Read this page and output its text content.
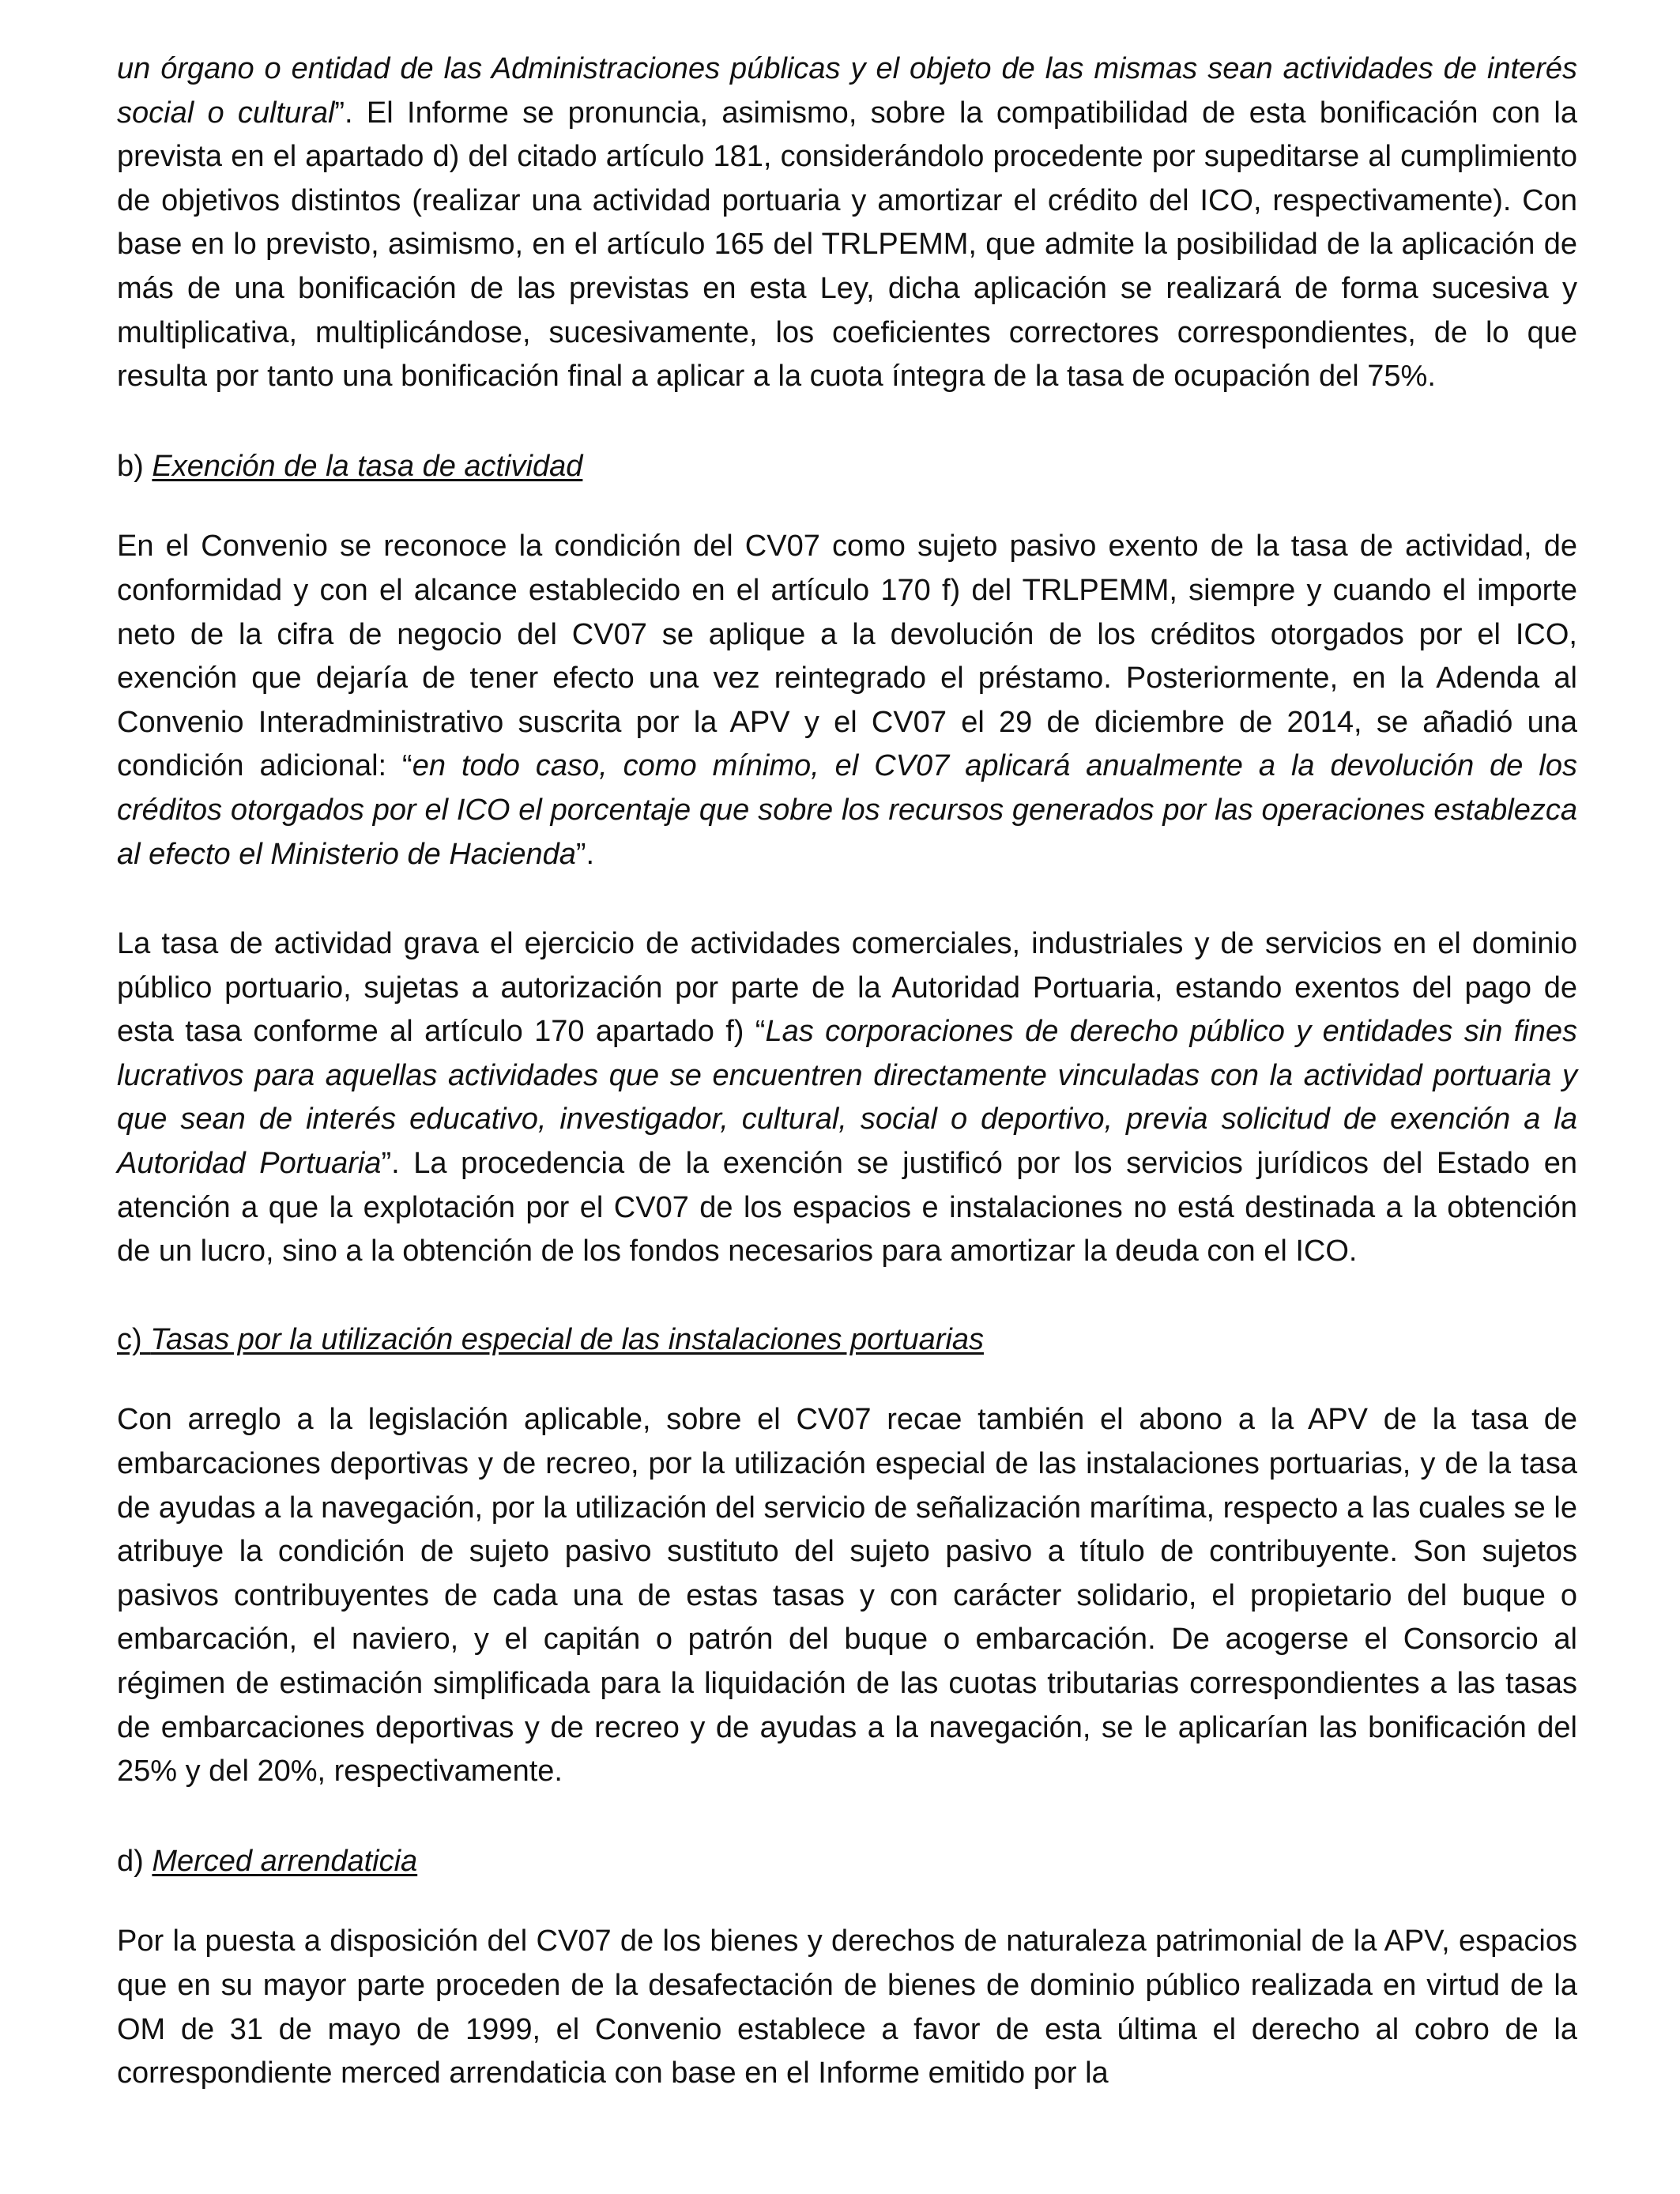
un órgano o entidad de las Administraciones públicas y el objeto de las mismas sean actividades de interés social o cultural”. El Informe se pronuncia, asimismo, sobre la compatibilidad de esta bonificación con la prevista en el apartado d) del citado artículo 181, considerándolo procedente por supeditarse al cumplimiento de objetivos distintos (realizar una actividad portuaria y amortizar el crédito del ICO, respectivamente). Con base en lo previsto, asimismo, en el artículo 165 del TRLPEMM, que admite la posibilidad de la aplicación de más de una bonificación de las previstas en esta Ley, dicha aplicación se realizará de forma sucesiva y multiplicativa, multiplicándose, sucesivamente, los coeficientes correctores correspondientes, de lo que resulta por tanto una bonificación final a aplicar a la cuota íntegra de la tasa de ocupación del 75%.

b) Exención de la tasa de actividad

En el Convenio se reconoce la condición del CV07 como sujeto pasivo exento de la tasa de actividad, de conformidad y con el alcance establecido en el artículo 170 f) del TRLPEMM, siempre y cuando el importe neto de la cifra de negocio del CV07 se aplique a la devolución de los créditos otorgados por el ICO, exención que dejaría de tener efecto una vez reintegrado el préstamo. Posteriormente, en la Adenda al Convenio Interadministrativo suscrita por la APV y el CV07 el 29 de diciembre de 2014, se añadió una condición adicional: “en todo caso, como mínimo, el CV07 aplicará anualmente a la devolución de los créditos otorgados por el ICO el porcentaje que sobre los recursos generados por las operaciones establezca al efecto el Ministerio de Hacienda”.

La tasa de actividad grava el ejercicio de actividades comerciales, industriales y de servicios en el dominio público portuario, sujetas a autorización por parte de la Autoridad Portuaria, estando exentos del pago de esta tasa conforme al artículo 170 apartado f) “Las corporaciones de derecho público y entidades sin fines lucrativos para aquellas actividades que se encuentren directamente vinculadas con la actividad portuaria y que sean de interés educativo, investigador, cultural, social o deportivo, previa solicitud de exención a la Autoridad Portuaria”. La procedencia de la exención se justificó por los servicios jurídicos del Estado en atención a que la explotación por el CV07 de los espacios e instalaciones no está destinada a la obtención de un lucro, sino a la obtención de los fondos necesarios para amortizar la deuda con el ICO.

c) Tasas por la utilización especial de las instalaciones portuarias

Con arreglo a la legislación aplicable, sobre el CV07 recae también el abono a la APV de la tasa de embarcaciones deportivas y de recreo, por la utilización especial de las instalaciones portuarias, y de la tasa de ayudas a la navegación, por la utilización del servicio de señalización marítima, respecto a las cuales se le atribuye la condición de sujeto pasivo sustituto del sujeto pasivo a título de contribuyente. Son sujetos pasivos contribuyentes de cada una de estas tasas y con carácter solidario, el propietario del buque o embarcación, el naviero, y el capitán o patrón del buque o embarcación. De acogerse el Consorcio al régimen de estimación simplificada para la liquidación de las cuotas tributarias correspondientes a las tasas de embarcaciones deportivas y de recreo y de ayudas a la navegación, se le aplicarían las bonificación del 25% y del 20%, respectivamente.

d) Merced arrendaticia

Por la puesta a disposición del CV07 de los bienes y derechos de naturaleza patrimonial de la APV, espacios que en su mayor parte proceden de la desafectación de bienes de dominio público realizada en virtud de la OM de 31 de mayo de 1999, el Convenio establece a favor de esta última el derecho al cobro de la correspondiente merced arrendaticia con base en el Informe emitido por la
